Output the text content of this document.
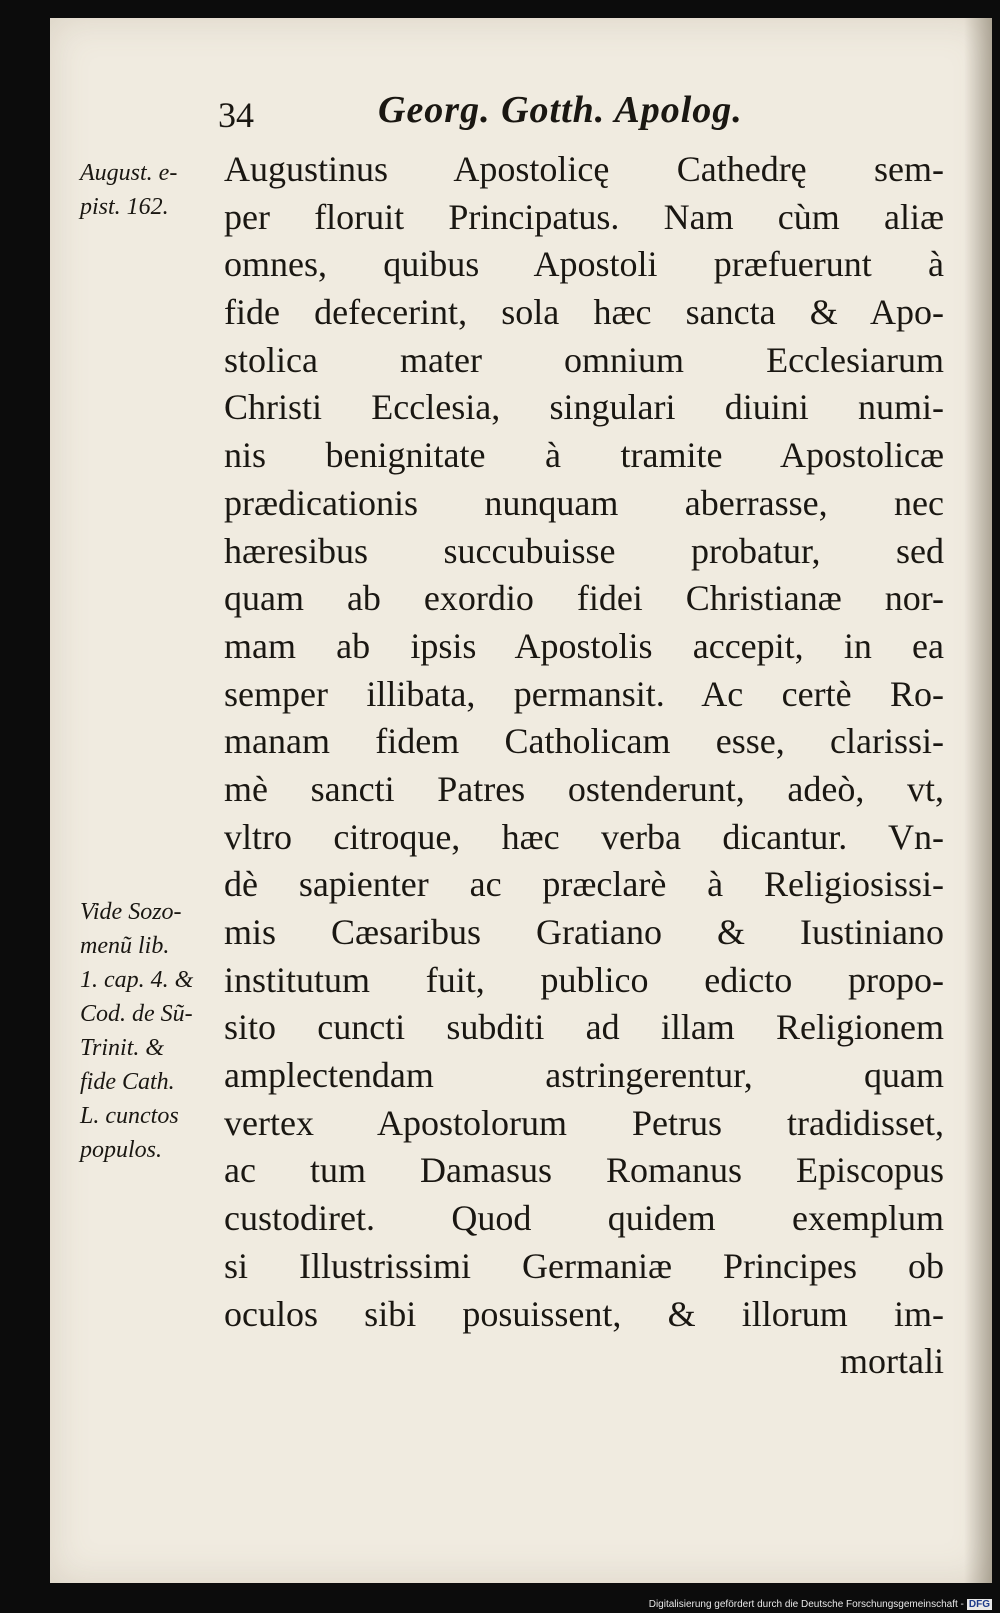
34	Georg. Gotth. Apolog.
August. e-
pist. 162.
Vide Sozo-
menũ lib.
1. cap. 4. &
Cod. de Sũ-
Trinit. &
fide Cath.
L. cunctos
populos.
Augustinus Apostolicę Cathedrę sem-
per floruit Principatus. Nam cùm aliæ
omnes, quibus Apostoli præfuerunt à
fide defecerint, sola hæc sancta & Apo-
stolica mater omnium Ecclesiarum
Christi Ecclesia, singulari diuini numi-
nis benignitate à tramite Apostolicæ
prædicationis nunquam aberrasse, nec
hæresibus succubuisse probatur, sed
quam ab exordio fidei Christianæ nor-
mam ab ipsis Apostolis accepit, in ea
semper illibata, permansit. Ac certè Ro-
manam fidem Catholicam esse, clarissi-
mè sancti Patres ostenderunt, adeò, vt,
vltro citroque, hæc verba dicantur. Vn-
dè sapienter ac præclarè à Religiosissi-
mis Cæsaribus Gratiano & Iustiniano
institutum fuit, publico edicto propo-
sito cuncti subditi ad illam Religionem
amplectendam astringerentur, quam
vertex Apostolorum Petrus tradidisset,
ac tum Damasus Romanus Episcopus
custodiret. Quod quidem exemplum
si Illustrissimi Germaniæ Principes ob
oculos sibi posuissent, & illorum im-
mortali
Digitalisierung gefördert durch die Deutsche Forschungsgemeinschaft - DFG
